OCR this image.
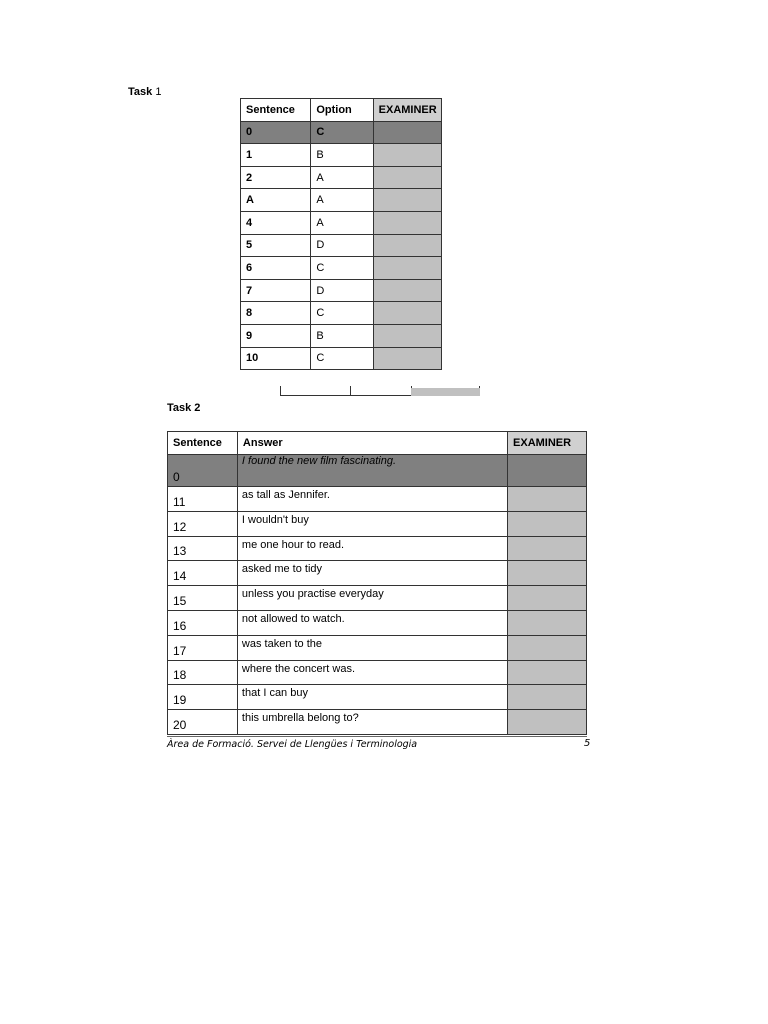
Task 1
Sentence	Option	EXAMINER
0	C	
1	B	
2	A	
A	A	
4	A	
5	D	
6	C	
7	D	
8	C	
9	B	
10	C	
Task 2
Sentence	Answer	EXAMINER
0	I found the new film fascinating.	
11	as tall as Jennifer.	
12	I wouldn't buy	
13	me one hour to read.	
14	asked me to tidy	
15	unless you practise everyday	
16	not allowed to watch.	
17	was taken to the	
18	where the concert was.	
19	that I can buy	
20	this umbrella belong to?	
Àrea de Formació. Servei de Llengües i Terminologia	5
